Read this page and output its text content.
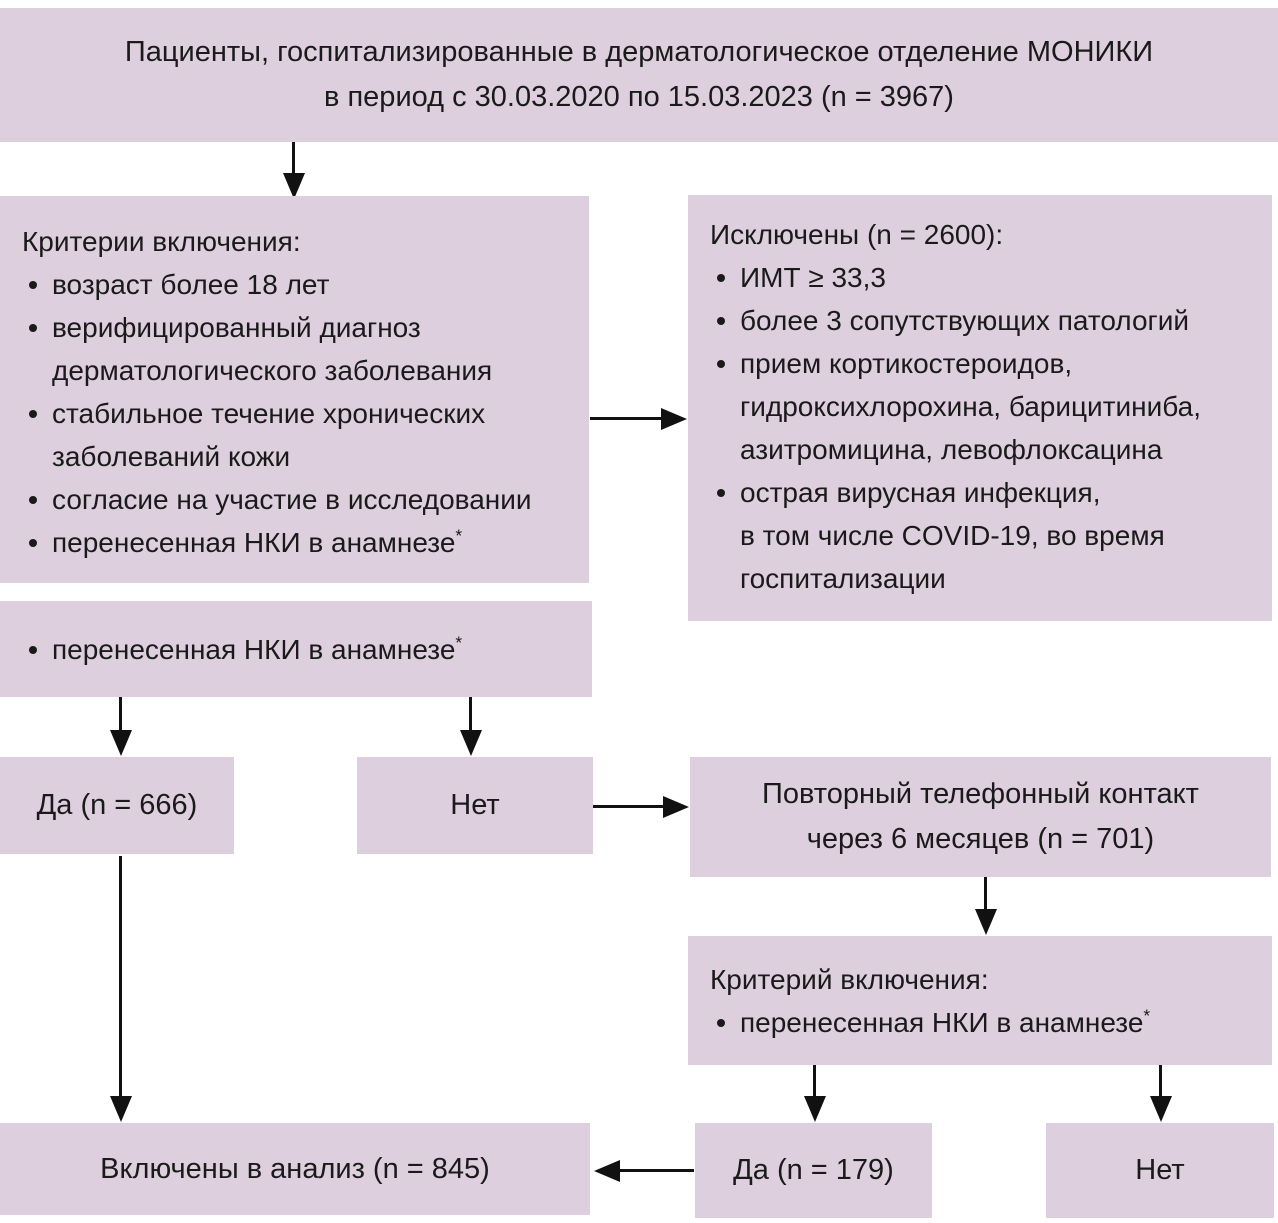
Пациенты, госпитализированные в дерматологическое отделение МОНИКИ
в период с 30.03.2020 по 15.03.2023 (n = 3967)
Критерии включения:
возраст более 18 лет
верифицированный диагноз
дерматологического заболевания
стабильное течение хронических
заболеваний кожи
согласие на участие в исследовании
перенесенная НКИ в анамнезе*
Исключены (n = 2600):
ИМТ ≥ 33,3
более 3 сопутствующих патологий
прием кортикостероидов,
гидроксихлорохина, барицитиниба,
азитромицина, левофлоксацина
острая вирусная инфекция,
в том числе COVID-19, во время
госпитализации
перенесенная НКИ в анамнезе*
Да (n = 666)	Нет	Повторный телефонный контакт
через 6 месяцев (n = 701)
Критерий включения:
перенесенная НКИ в анамнезе*
Включены в анализ (n = 845)	Да (n = 179)	Нет
